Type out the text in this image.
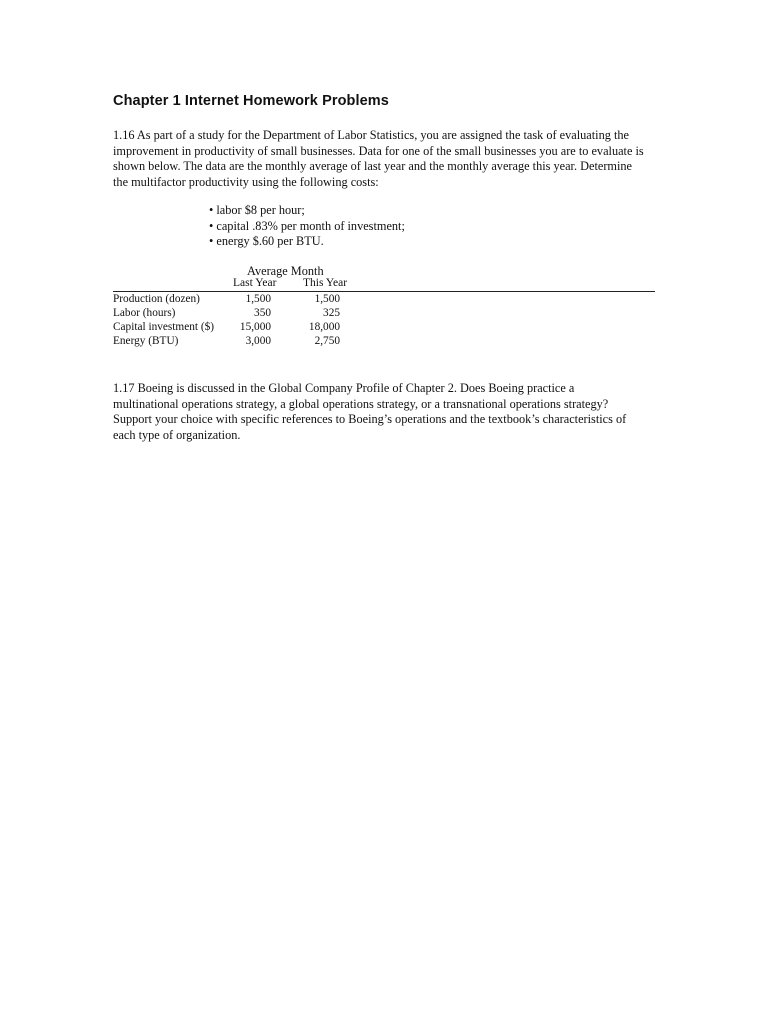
Chapter 1 Internet Homework Problems
1.16 As part of a study for the Department of Labor Statistics, you are assigned the task of evaluating the
improvement in productivity of small businesses. Data for one of the small businesses you are to evaluate is
shown below. The data are the monthly average of last year and the monthly average this year. Determine
the multifactor productivity using the following costs:
• labor $8 per hour;
• capital .83% per month of investment;
• energy $.60 per BTU.
Average Month
Last Year This Year
Production (dozen)	1,500	1,500
Labor (hours)	350	325
Capital investment ($) 15,000	18,000
Energy (BTU)	3,000	2,750
1.17 Boeing is discussed in the Global Company Profile of Chapter 2. Does Boeing practice a
multinational operations strategy, a global operations strategy, or a transnational operations strategy?
Support your choice with specific references to Boeing’s operations and the textbook’s characteristics of
each type of organization.
